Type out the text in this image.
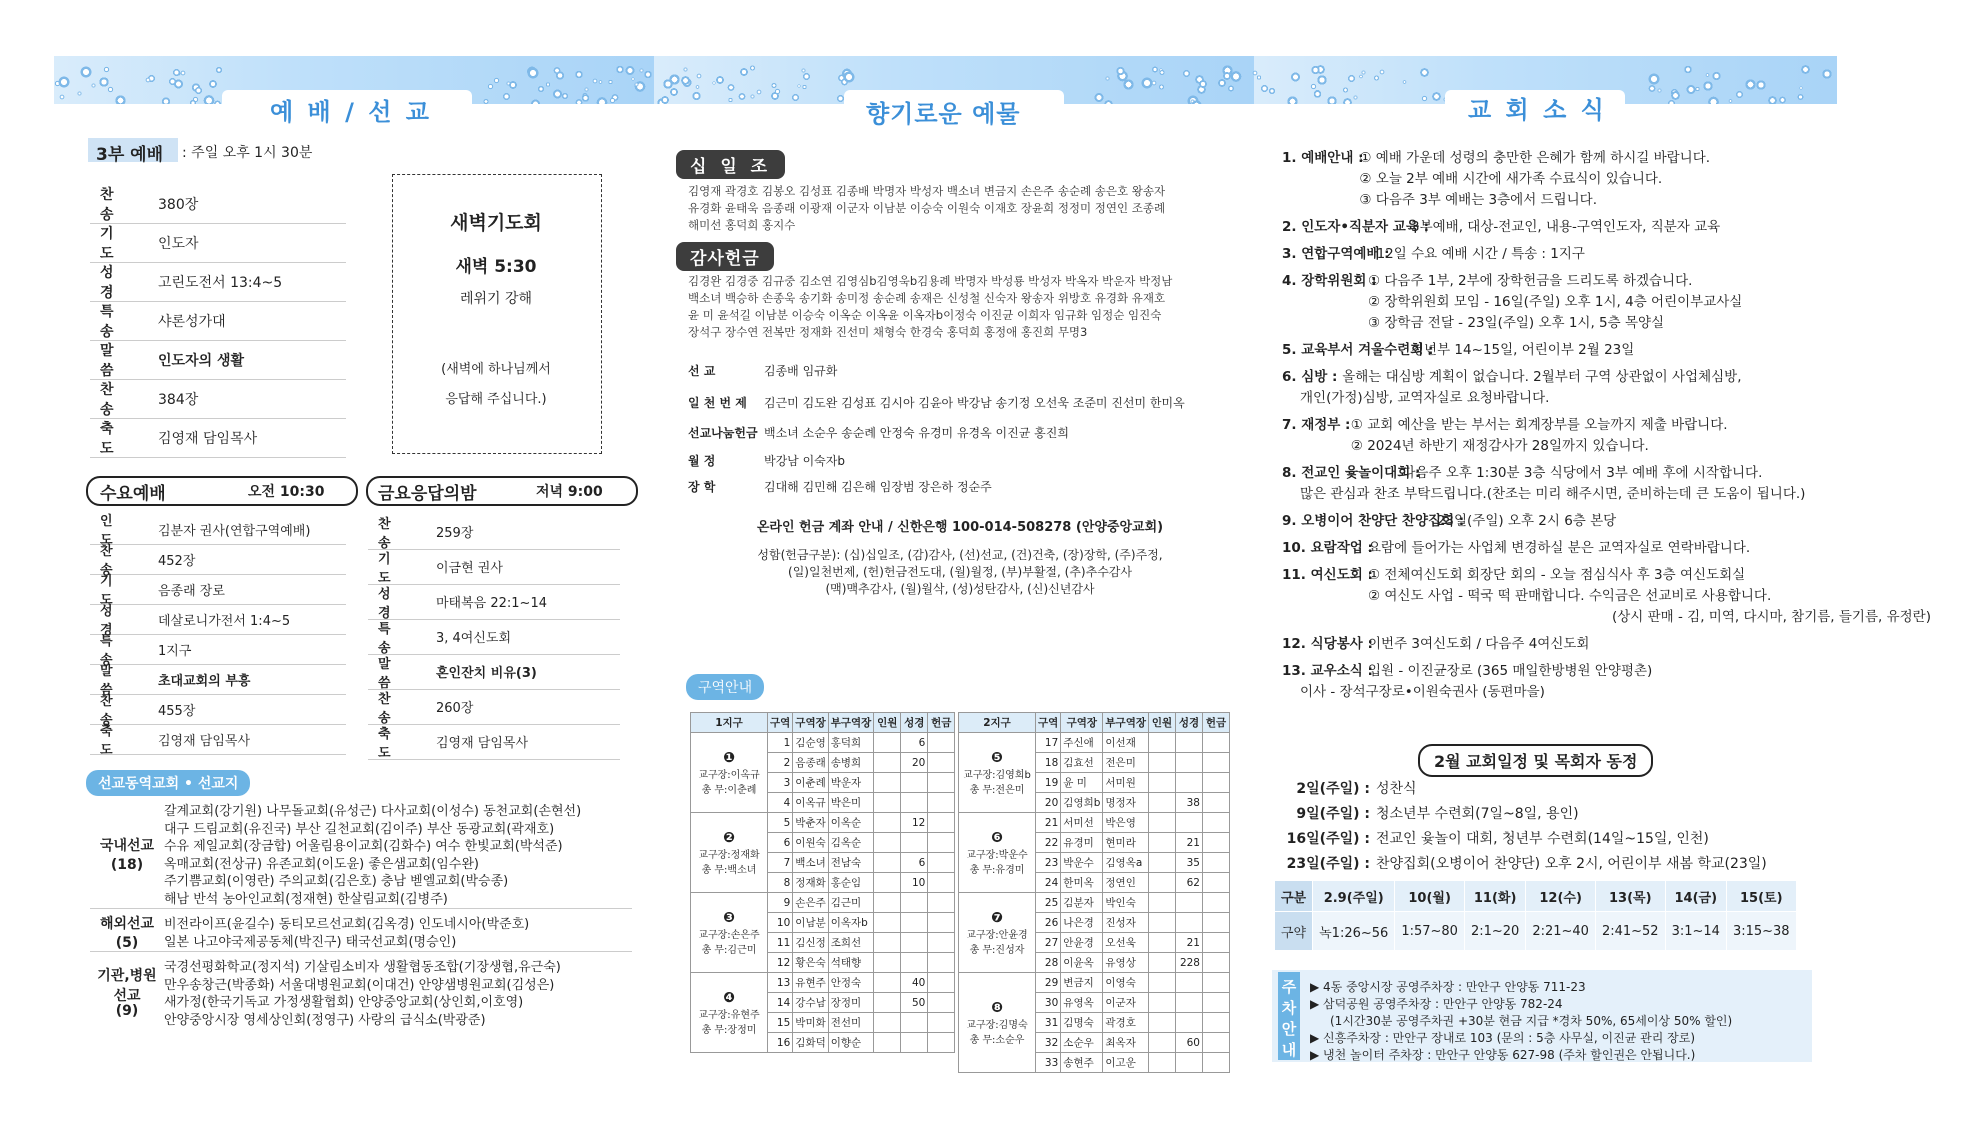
예 배 / 선 교	향기로운 예물	교 회 소 식
3부 예배 : 주일 오후 1시 30분
찬 송
380장
기 도
인도자
성 경
고린도전서 13:4~5
특 송
샤론성가대
말 씀
인도자의 생활
찬 송
384장
축 도
김영재 담임목사
새벽기도회
새벽 5:30
레위기 강해
(새벽에 하나님께서
응답해 주십니다.)
수요예배	오전 10:30
인 도
김분자 권사(연합구역예배)
찬 송
452장
기 도
음종래 장로
성 경
데살로니가전서 1:4~5
특 송
1지구
말 씀
초대교회의 부흥
찬 송
455장
축 도
김영재 담임목사
금요응답의밤	저녁 9:00
찬 송
259장
기 도
이금현 권사
성 경
마태복음 22:1~14
특 송
3, 4여신도회
말 씀
혼인잔치 비유(3)
찬 송
260장
축 도
김영재 담임목사
선교동역교회 • 선교지
국내선교
(18)
갈계교회(강기원) 나무돌교회(유성근) 다사교회(이성수) 동천교회(손현선)
대구 드림교회(유진국) 부산 길천교회(김이주) 부산 동광교회(곽재호)
수유 제일교회(장금합) 어울림용이교회(김화수) 여수 한빛교회(박석준)
옥매교회(전상규) 유존교회(이도윤) 좋은샘교회(임수완)
주기쁨교회(이영란) 주의교회(김은호) 충남 벧엘교회(박승종)
해남 반석 농아인교회(정재현) 한살림교회(김병주)
해외선교
(5)
비전라이프(윤길수) 동티모르선교회(김옥경) 인도네시아(박준호)
일본 나고야국제공동체(박진구) 태국선교회(명승인)
기관,병원
선교
(9)
국경선평화학교(정지석) 기살림소비자 생활협동조합(기장생협,유근숙)
만우송창근(박종화) 서울대병원교회(이대건) 안양샘병원교회(김성은)
새가정(한국기독교 가정생활협회) 안양중앙교회(상인회,이호영)
안양중앙시장 영세상인회(정영구) 사랑의 급식소(박광준)
십 일 조
김영재 곽경호 김봉오 김성표 김종배 박명자 박성자 백소녀 변금지 손은주 송순례 송은호 왕송자
유경화 윤태욱 음종래 이광재 이군자 이남분 이승숙 이원숙 이재호 장윤희 정정미 정연인 조종례
해미선 홍덕희 홍지수
감사헌금
김경완 김경중 김규중 김소연 김영심b김영욱b김용례 박명자 박성룡 박성자 박옥자 박운자 박정남
백소녀 백승하 손종욱 송기화 송미정 송순례 송재은 신성철 신숙자 왕송자 위방호 유경화 유재호
윤 미 윤석길 이남분 이승숙 이옥순 이옥윤 이옥자b이정숙 이진균 이희자 임규화 임정순 임진숙
장석구 장수연 전복만 정재화 진선미 채형숙 한경숙 홍덕희 홍정애 홍진희 무명3
선 교	김종배 임규화
일 천 번 제	김근미 김도완 김성표 김시아 김윤아 박강남 송기정 오선욱 조준미 진선미 한미옥
선교나눔헌금 백소녀 소순우 송순례 안정숙 유경미 유경옥 이진균 홍진희
월 정	박강남 이숙자b
장 학	김대해 김민해 김은해 임장범 장은하 정순주
온라인 헌금 계좌 안내 / 신한은행 100-014-508278 (안양중앙교회)
성함(헌금구분): (십)십일조, (감)감사, (선)선교, (건)건축, (장)장학, (주)주정,
(일)일천번제, (헌)헌금전도대, (월)월정, (부)부활절, (추)추수감사
(맥)맥추감사, (월)월삭, (성)성탄감사, (신)신년감사
구역안내
1지구	구역	구역장	부구역장	인원	성경	헌금

❶
교구장:이옥규
총 무:이춘례	1	김순영	홍덕희		6	
	2	음종래	송병희		20	
	3	이춘례	박운자			
	4	이옥규	박은미			

❷
교구장:정재화
총 무:백소녀	5	박춘자	이옥순		12	
	6	이원숙	김옥순			
	7	백소녀	전남숙		6	
	8	정재화	홍순임		10	

❸
교구장:손은주
총 무:김근미	9	손은주	김근미			
	10	이남분	이옥자b			
	11	김신정	조희선			
	12	황은숙	석태향			

❹
교구장:유현주
총 무:장정미	13	유현주	안정숙		40	
	14	강수남	장정미		50	
	15	박미화	전선미			
	16	김화덕	이향순			
2지구	구역	구역장	부구역장	인원	성경	헌금

❺
교구장:김영희b
총 무:전은미	17	주신애	이선재			
	18	김효선	전은미			
	19	윤 미	서미원			
	20	김영희b	명정자		38	

❻
교구장:박운수
총 무:유경미	21	서미선	박은영			
	22	유경미	현미라		21	
	23	박운수	김영옥a		35	
	24	한미옥	정연인		62	

❼
교구장:안윤경
총 무:진성자	25	김분자	박인숙			
	26	나은경	진성자			
	27	안윤경	오선욱		21	
	28	이윤옥	유영상		228	

❽
교구장:김명숙
총 무:소순우	29	변금지	이영숙			
	30	유영옥	이군자			
	31	김명숙	곽경호			
	32	소순우	최옥자		60	
	33	송현주	이고운			
1. 예배안내 :
① 예배 가운데 성령의 충만한 은혜가 함께 하시길 바랍니다.
② 오늘 2부 예배 시간에 새가족 수료식이 있습니다.
③ 다음주 3부 예배는 3층에서 드립니다.
2. 인도자•직분자 교육 :
3부예배, 대상-전교인, 내용-구역인도자, 직분자 교육
3. 연합구역예배 :
12일 수요 예배 시간 / 특송 : 1지구
4. 장학위원회 :
① 다음주 1부, 2부에 장학헌금을 드리도록 하겠습니다.
② 장학위원회 모임 - 16일(주일) 오후 1시, 4층 어린이부교사실
③ 장학금 전달 - 23일(주일) 오후 1시, 5층 목양실
5. 교육부서 겨울수련회 :
청년부 14~15일, 어린이부 2월 23일
6. 심방 : 올해는 대심방 계획이 없습니다. 2월부터 구역 상관없이 사업체심방,
개인(가정)심방, 교역자실로 요청바랍니다.
7. 재정부 : ① 교회 예산을 받는 부서는 회계장부를 오늘까지 제출 바랍니다.
② 2024년 하반기 재정감사가 28일까지 있습니다.
8. 전교인 윷놀이대회 :
다음주 오후 1:30분 3층 식당에서 3부 예배 후에 시작합니다.
많은 관심과 찬조 부탁드립니다.(찬조는 미리 해주시면, 준비하는데 큰 도움이 됩니다.)
9. 오병이어 찬양단 찬양집회 :
23일(주일) 오후 2시 6층 본당
10. 요람작업 :
요람에 들어가는 사업체 변경하실 분은 교역자실로 연락바랍니다.
11. 여신도회 :
① 전체여신도회 회장단 회의 - 오늘 점심식사 후 3층 여신도회실
② 여신도 사업 - 떡국 떡 판매합니다. 수익금은 선교비로 사용합니다.
(상시 판매 - 김, 미역, 다시마, 참기름, 들기름, 유정란)
12. 식당봉사 :
이번주 3여신도회 / 다음주 4여신도회
13. 교우소식 :
입원 - 이진균장로 (365 매일한방병원 안양평촌)
이사 - 장석구장로•이원숙권사 (동편마을)
2월 교회일정 및 목회자 동정
2일(주일) : 성찬식
9일(주일) : 청소년부 수련회(7일~8일, 용인)
16일(주일) : 전교인 윷놀이 대회, 청년부 수련회(14일~15일, 인천)
23일(주일) : 찬양집회(오병이어 찬양단) 오후 2시, 어린이부 새봄 학교(23일)
구분	2.9(주일)	10(월)	11(화)	12(수)	13(목)	14(금)	15(토)
구약	녹1:26~56	1:57~80	2:1~20	2:21~40	2:41~52	3:1~14	3:15~38
주
차
안
내
▶ 4동 중앙시장 공영주차장 : 만안구 안양동 711-23
▶ 삼덕공원 공영주차장 : 만안구 안양동 782-24
(1시간30분 공영주차권 +30분 현금 지급 *경차 50%, 65세이상 50% 할인)
▶ 신흥주차장 : 만안구 장내로 103 (문의 : 5층 사무실, 이진균 관리 장로)
▶ 냉천 놀이터 주차장 : 만안구 안양동 627-98 (주차 할인권은 안됩니다.)
